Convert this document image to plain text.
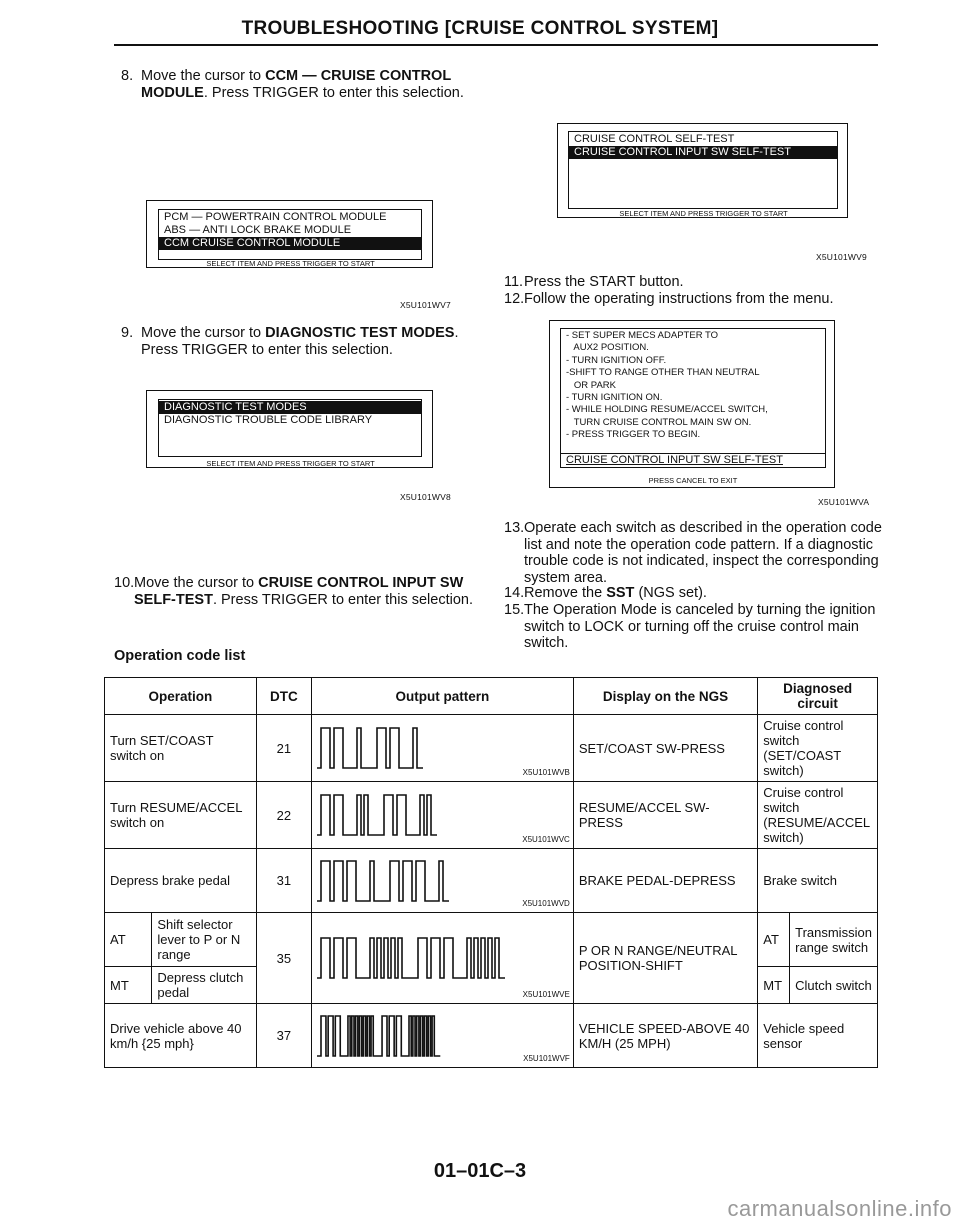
TROUBLESHOOTING [CRUISE CONTROL SYSTEM]
8. Move the cursor to CCM — CRUISE CONTROL MODULE. Press TRIGGER to enter this selection.
PCM — POWERTRAIN CONTROL MODULE
ABS — ANTI LOCK BRAKE MODULE
CCM CRUISE CONTROL MODULE
SELECT ITEM AND PRESS TRIGGER TO START
X5U101WV7
9. Move the cursor to DIAGNOSTIC TEST MODES. Press TRIGGER to enter this selection.
DIAGNOSTIC TEST MODES
DIAGNOSTIC TROUBLE CODE LIBRARY
SELECT ITEM AND PRESS TRIGGER TO START
X5U101WV8
10. Move the cursor to CRUISE CONTROL INPUT SW SELF-TEST. Press TRIGGER to enter this selection.
CRUISE CONTROL SELF-TEST
CRUISE CONTROL INPUT SW SELF-TEST
SELECT ITEM AND PRESS TRIGGER TO START
X5U101WV9
11. Press the START button.
12. Follow the operating instructions from the menu.
- SET SUPER MECS ADAPTER TO
AUX2 POSITION.
- TURN IGNITION OFF.
-SHIFT TO RANGE OTHER THAN NEUTRAL
OR PARK
- TURN IGNITION ON.
- WHILE HOLDING RESUME/ACCEL SWITCH,
TURN CRUISE CONTROL MAIN SW ON.
- PRESS TRIGGER TO BEGIN.
CRUISE CONTROL INPUT SW SELF-TEST
PRESS CANCEL TO EXIT
X5U101WVA
13. Operate each switch as described in the operation code list and note the operation code pattern. If a diagnostic trouble code is not indicated, inspect the corresponding system area.
14. Remove the SST (NGS set).
15. The Operation Mode is canceled by turning the ignition switch to LOCK or turning off the cruise control main switch.
Operation code list
Operation		DTC	Output pattern	Display on the NGS	Diagnosed circuit	
Turn SET/COAST switch on		21	X5U101WVB	SET/COAST SW-PRESS	Cruise control switch (SET/COAST switch)	
Turn RESUME/ACCEL switch on		22	X5U101WVC	RESUME/ACCEL SW-PRESS	Cruise control switch (RESUME/ACCEL switch)	
Depress brake pedal		31	X5U101WVD	BRAKE PEDAL-DEPRESS	Brake switch	
AT	Shift selector lever to P or N range	35	X5U101WVE	P OR N RANGE/NEUTRAL POSITION-SHIFT	AT	Transmission range switch
MT	Depress clutch pedal				MT	Clutch switch
Drive vehicle above 40 km/h {25 mph}		37	X5U101WVF	VEHICLE SPEED-ABOVE 40 KM/H (25 MPH)	Vehicle speed sensor	
01–01C–3
carmanualsonline.info
